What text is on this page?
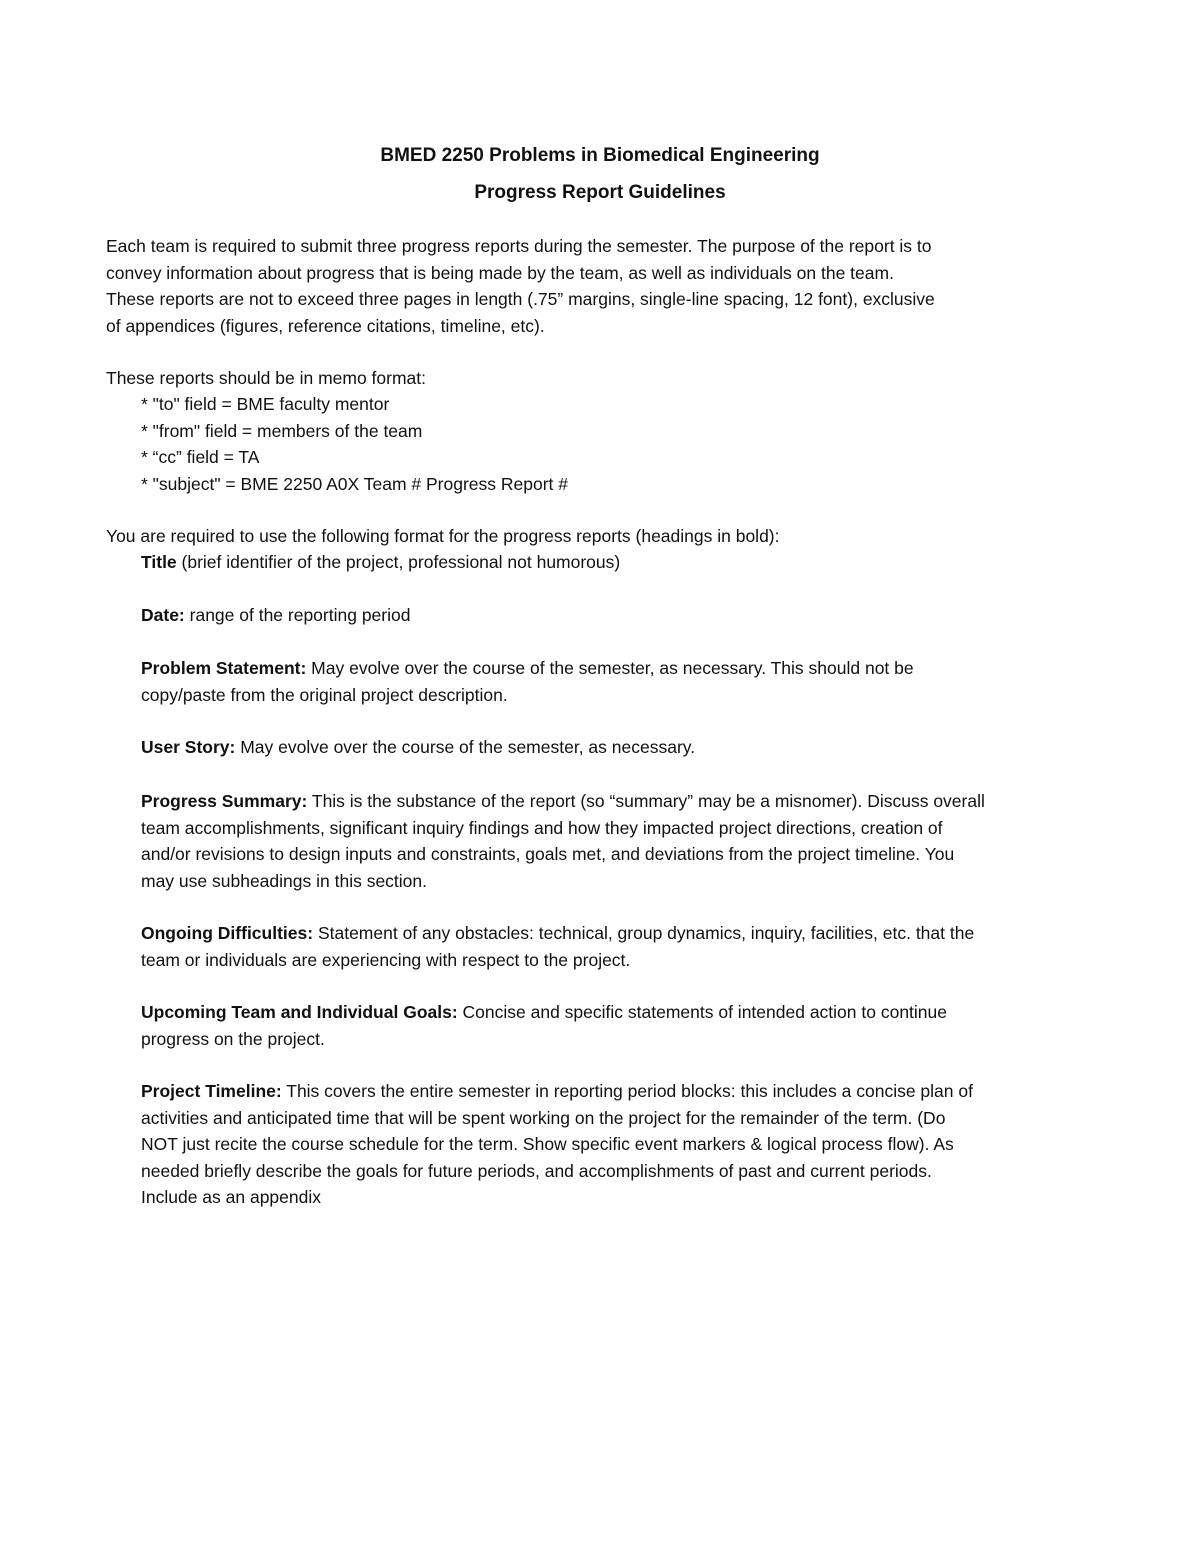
BMED 2250 Problems in Biomedical Engineering
Progress Report Guidelines
Each team is required to submit three progress reports during the semester. The purpose of the report is to
convey information about progress that is being made by the team, as well as individuals on the team.
These reports are not to exceed three pages in length (.75” margins, single-line spacing, 12 font), exclusive
of appendices (figures, reference citations, timeline, etc).
These reports should be in memo format:
* "to" field = BME faculty mentor
* "from" field = members of the team
* “cc” field = TA
* "subject" = BME 2250 A0X Team # Progress Report #
You are required to use the following format for the progress reports (headings in bold):
Title (brief identifier of the project, professional not humorous)
Date: range of the reporting period
Problem Statement: May evolve over the course of the semester, as necessary. This should not be
copy/paste from the original project description.
User Story: May evolve over the course of the semester, as necessary.
Progress Summary: This is the substance of the report (so “summary” may be a misnomer). Discuss overall
team accomplishments, significant inquiry findings and how they impacted project directions, creation of
and/or revisions to design inputs and constraints, goals met, and deviations from the project timeline. You
may use subheadings in this section.
Ongoing Difficulties: Statement of any obstacles: technical, group dynamics, inquiry, facilities, etc. that the
team or individuals are experiencing with respect to the project.
Upcoming Team and Individual Goals: Concise and specific statements of intended action to continue
progress on the project.
Project Timeline: This covers the entire semester in reporting period blocks: this includes a concise plan of
activities and anticipated time that will be spent working on the project for the remainder of the term. (Do
NOT just recite the course schedule for the term. Show specific event markers & logical process flow). As
needed briefly describe the goals for future periods, and accomplishments of past and current periods.
Include as an appendix
